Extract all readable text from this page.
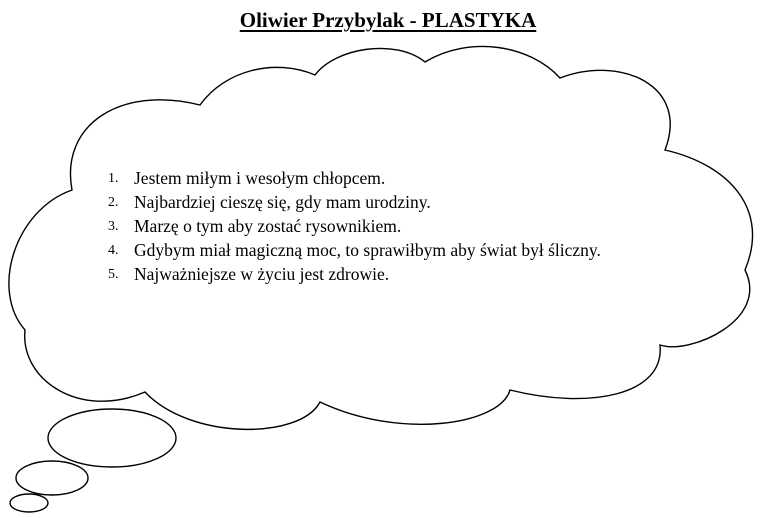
Oliwier Przybylak - PLASTYKA
1. Jestem miłym i wesołym chłopcem.
2. Najbardziej cieszę się, gdy mam urodziny.
3. Marzę o tym aby zostać rysownikiem.
4. Gdybym miał magiczną moc, to sprawiłbym aby świat był śliczny.
5. Najważniejsze w życiu jest zdrowie.
